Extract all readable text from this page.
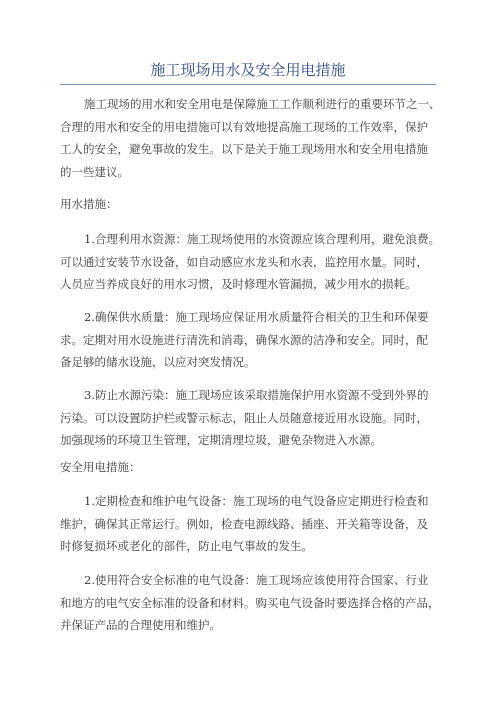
施工现场用水及安全用电措施

施工现场的用水和安全用电是保障施工工作顺利进行的重要环节之一、
合理的用水和安全的用电措施可以有效地提高施工现场的工作效率，保护
工人的安全，避免事故的发生。以下是关于施工现场用水和安全用电措施
的一些建议。

用水措施：

1.合理利用水资源：施工现场使用的水资源应该合理利用，避免浪费。
可以通过安装节水设备，如自动感应水龙头和水表，监控用水量。同时，
人员应当养成良好的用水习惯，及时修理水管漏损，减少用水的损耗。

2.确保供水质量：施工现场应保证用水质量符合相关的卫生和环保要
求。定期对用水设施进行清洗和消毒，确保水源的洁净和安全。同时，配
备足够的储水设施，以应对突发情况。

3.防止水源污染：施工现场应该采取措施保护用水资源不受到外界的
污染。可以设置防护栏或警示标志，阻止人员随意接近用水设施。同时，
加强现场的环境卫生管理，定期清理垃圾，避免杂物进入水源。

安全用电措施：

1.定期检查和维护电气设备：施工现场的电气设备应定期进行检查和
维护，确保其正常运行。例如，检查电源线路、插座、开关箱等设备，及
时修复损坏或老化的部件，防止电气事故的发生。

2.使用符合安全标准的电气设备：施工现场应该使用符合国家、行业
和地方的电气安全标准的设备和材料。购买电气设备时要选择合格的产品，
并保证产品的合理使用和维护。
